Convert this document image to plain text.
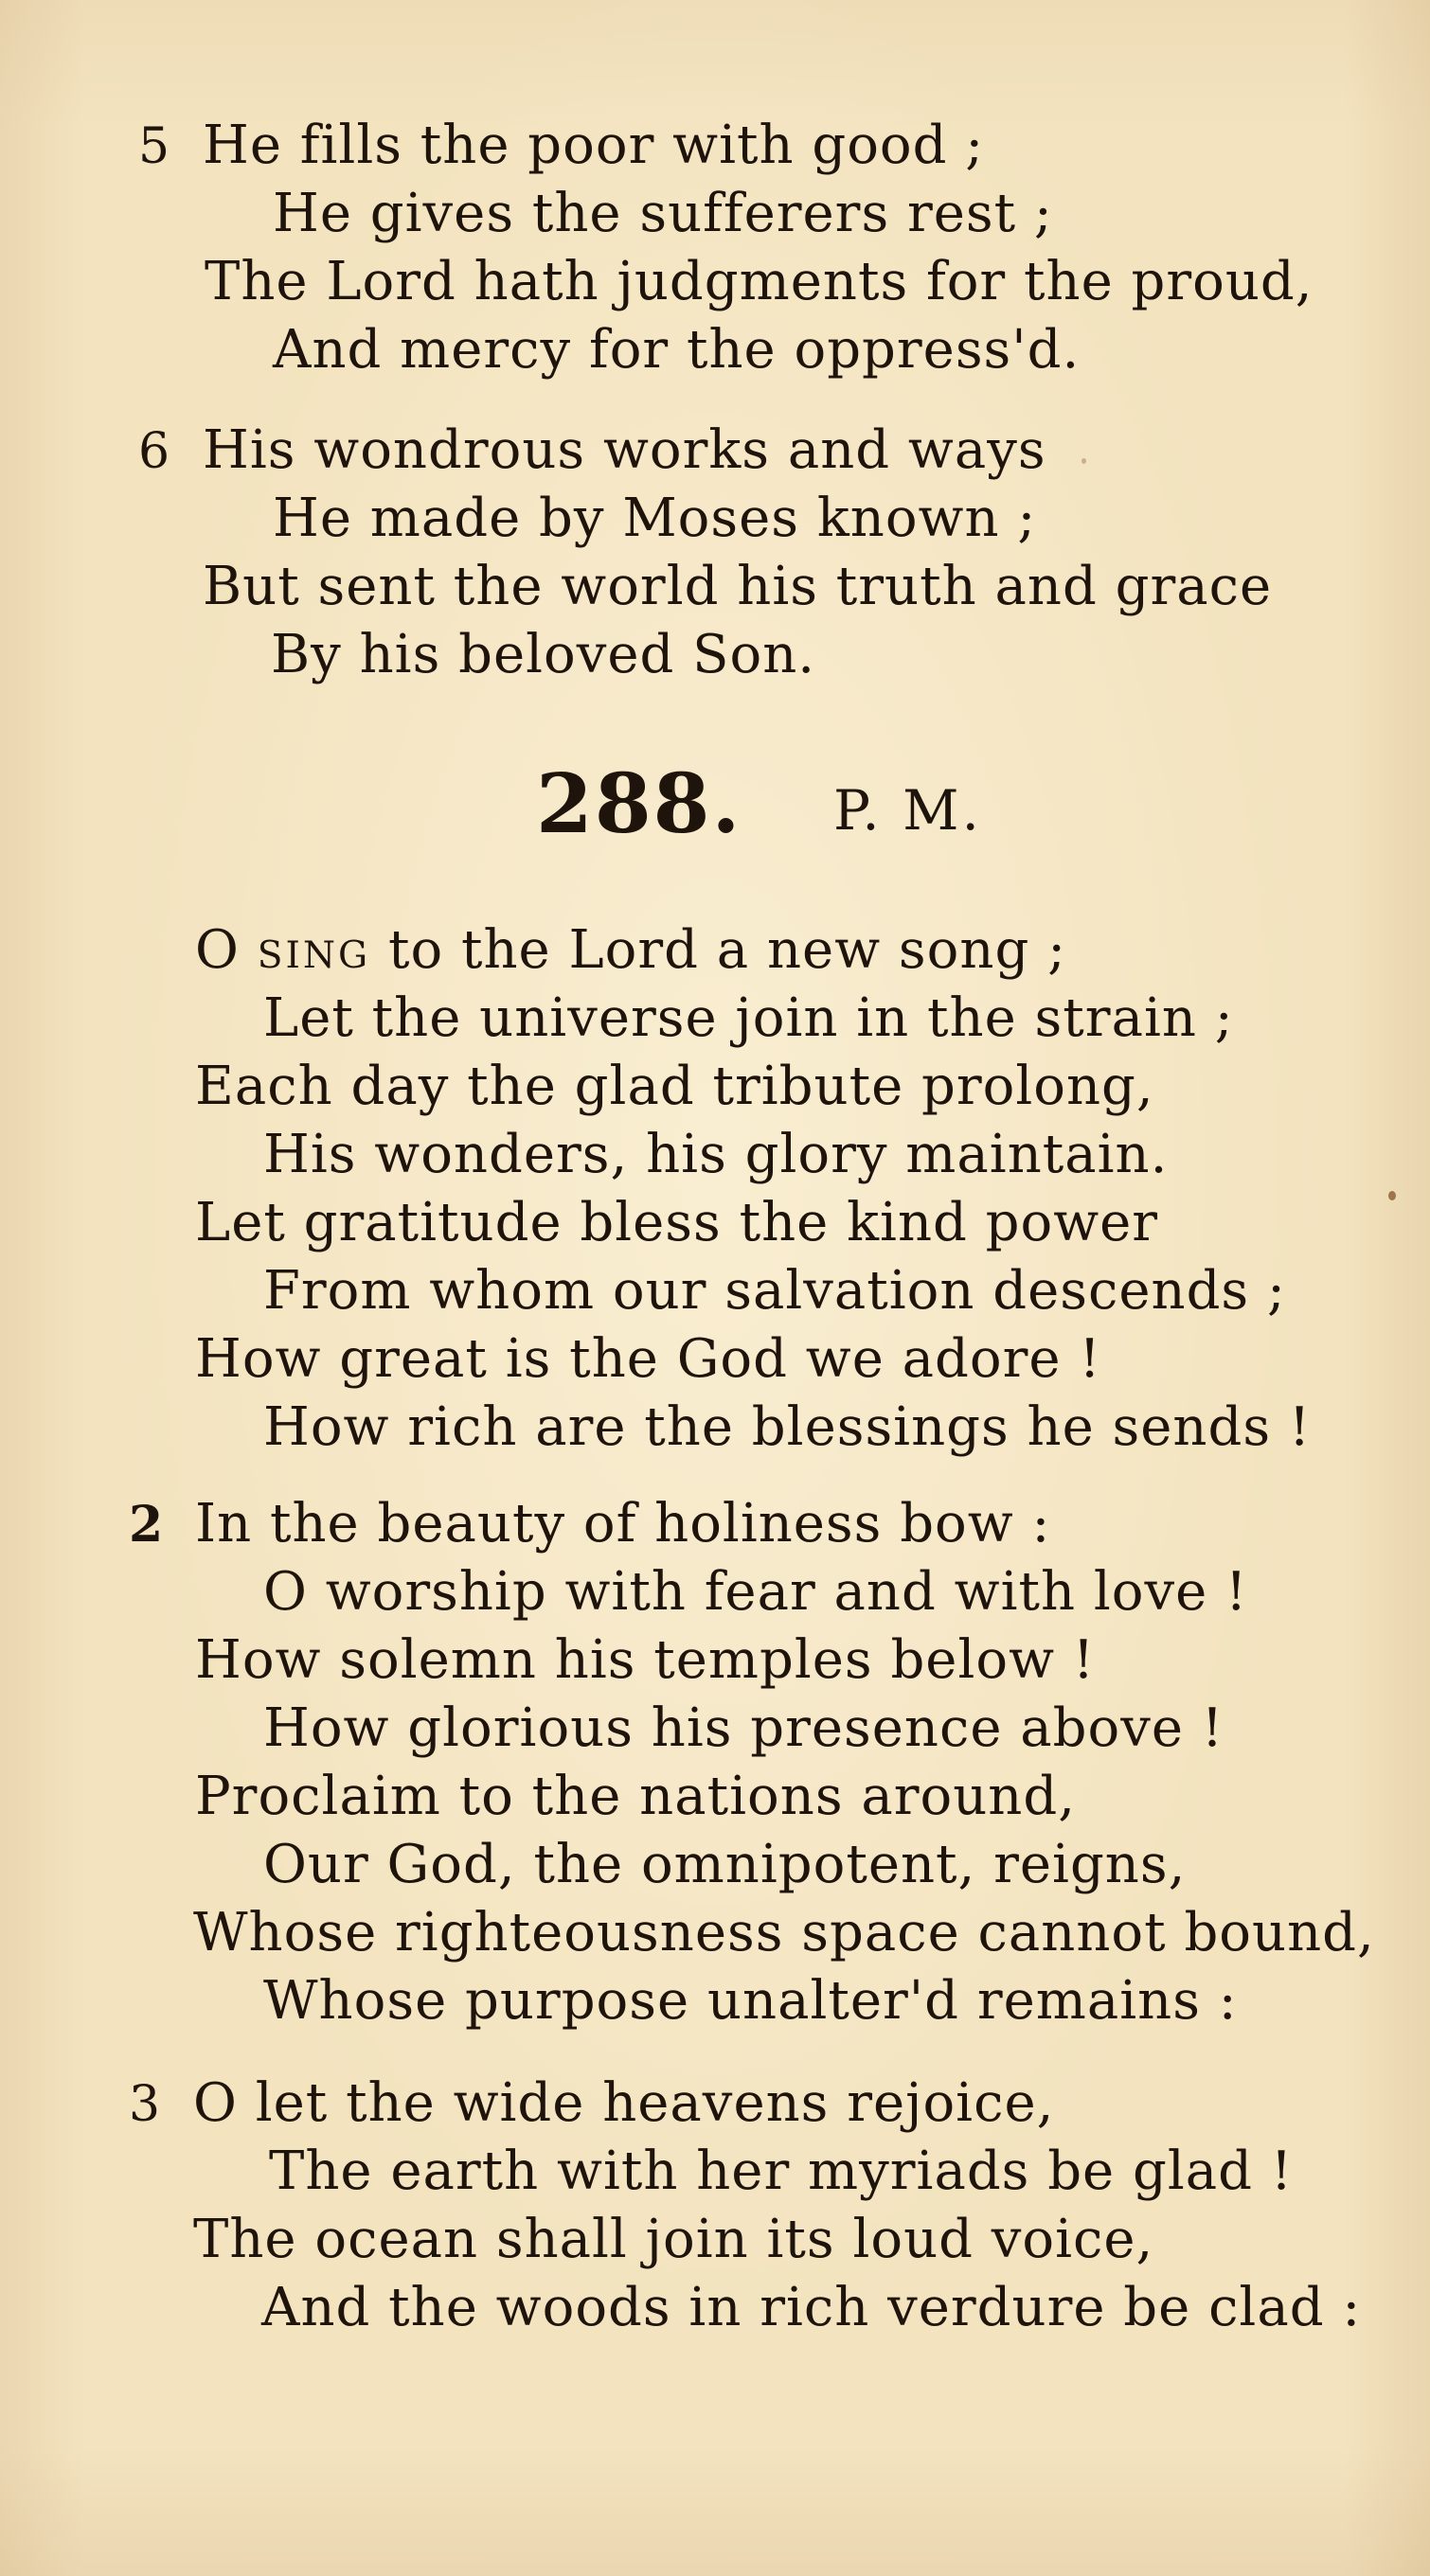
5 He fills the poor with good ;
He gives the sufferers rest ;
The Lord hath judgments for the proud,
And mercy for the oppress'd.
6 His wondrous works and ways
He made by Moses known ;
But sent the world his truth and grace
By his beloved Son.
288. P. M.
O sing to the Lord a new song ;
Let the universe join in the strain ;
Each day the glad tribute prolong,
His wonders, his glory maintain.
Let gratitude bless the kind power
From whom our salvation descends ;
How great is the God we adore !
How rich are the blessings he sends !
2 In the beauty of holiness bow :
O worship with fear and with love !
How solemn his temples below !
How glorious his presence above !
Proclaim to the nations around,
Our God, the omnipotent, reigns,
Whose righteousness space cannot bound,
Whose purpose unalter'd remains :
3 O let the wide heavens rejoice,
The earth with her myriads be glad !
The ocean shall join its loud voice,
And the woods in rich verdure be clad :
